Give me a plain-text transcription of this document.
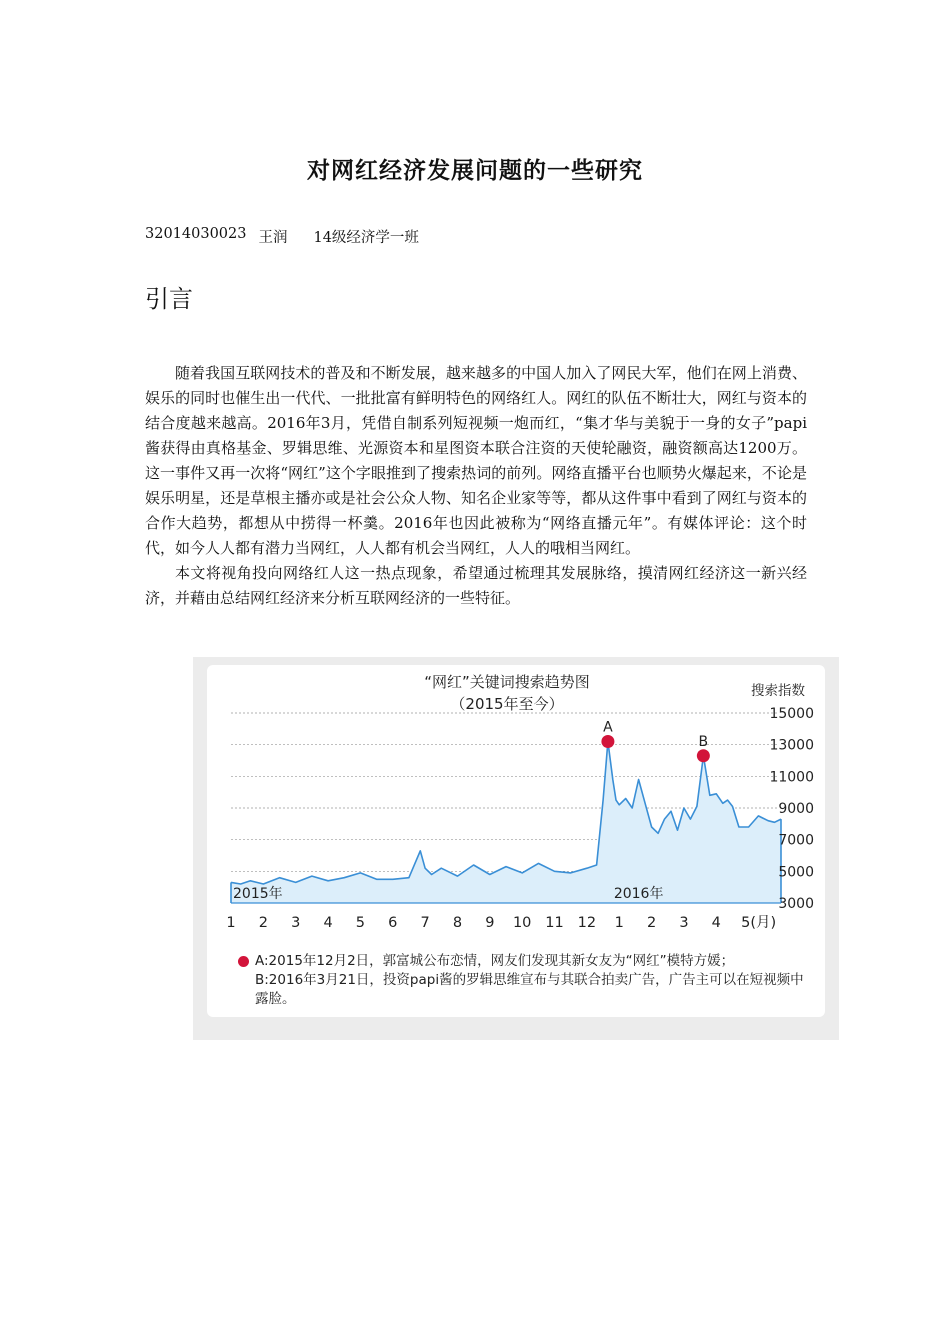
对网红经济发展问题的一些研究
32014030023 王润 14级经济学一班
引言

随着我国互联网技术的普及和不断发展，越来越多的中国人加入了网民大军，他们在网上消费、娱乐的同时也催生出一代代、一批批富有鲜明特色的网络红人。网红的队伍不断壮大，网红与资本的结合度越来越高。2016年3月，凭借自制系列短视频一炮而红，“集才华与美貌于一身的女子”papi酱获得由真格基金、罗辑思维、光源资本和星图资本联合注资的天使轮融资，融资额高达1200万。这一事件又再一次将“网红”这个字眼推到了搜索热词的前列。网络直播平台也顺势火爆起来，不论是娱乐明星，还是草根主播亦或是社会公众人物、知名企业家等等，都从这件事中看到了网红与资本的合作大趋势，都想从中捞得一杯羹。2016年也因此被称为“网络直播元年”。有媒体评论：这个时代，如今人人都有潜力当网红，人人都有机会当网红，人人的哦相当网红。

本文将视角投向网络红人这一热点现象，希望通过梳理其发展脉络，摸清网红经济这一新兴经济，并藉由总结网红经济来分析互联网经济的一些特征。

“网红”关键词搜索趋势图
（2015年至今）
搜索指数
3000
5000
7000
9000
11000
13000
15000
1 2 3 4 5 6 7 8 9 10 11 12 1 2 3 4 5(月)
2015年	2016年
A
B
A:2015年12月2日，郭富城公布恋情，网友们发现其新女友为“网红”模特方媛；
B:2016年3月21日，投资papi酱的罗辑思维宣布与其联合拍卖广告，广告主可以在短视频中露脸。
